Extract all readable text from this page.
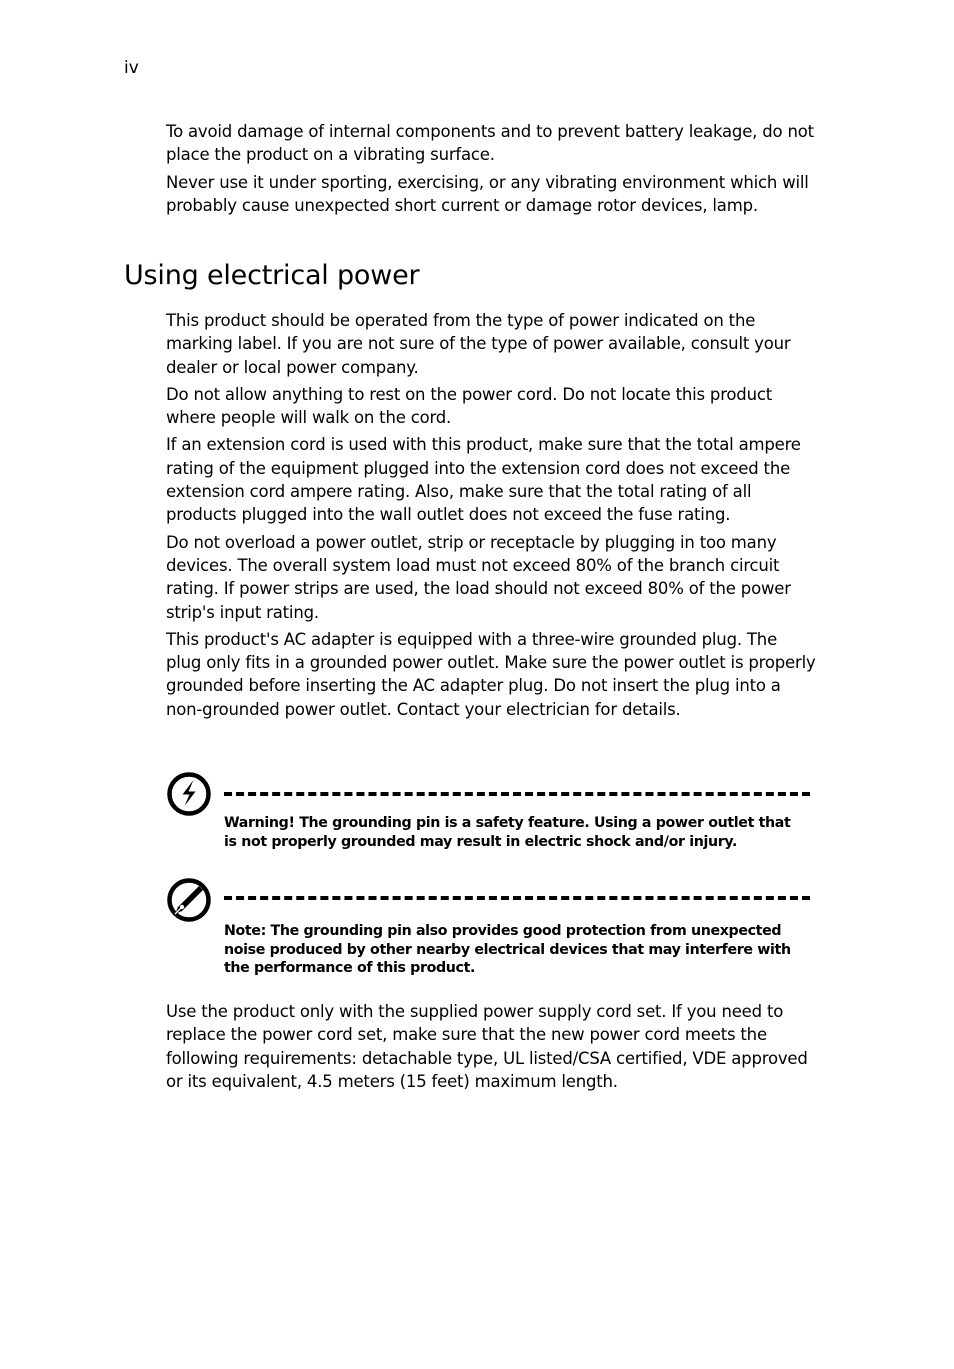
iv

To avoid damage of internal components and to prevent battery leakage, do not place the product on a vibrating surface.

Never use it under sporting, exercising, or any vibrating environment which will probably cause unexpected short current or damage rotor devices, lamp.

Using electrical power

This product should be operated from the type of power indicated on the marking label. If you are not sure of the type of power available, consult your dealer or local power company.

Do not allow anything to rest on the power cord. Do not locate this product where people will walk on the cord.

If an extension cord is used with this product, make sure that the total ampere rating of the equipment plugged into the extension cord does not exceed the extension cord ampere rating. Also, make sure that the total rating of all products plugged into the wall outlet does not exceed the fuse rating.

Do not overload a power outlet, strip or receptacle by plugging in too many devices. The overall system load must not exceed 80% of the branch circuit rating. If power strips are used, the load should not exceed 80% of the power strip's input rating.

This product's AC adapter is equipped with a three-wire grounded plug. The plug only fits in a grounded power outlet. Make sure the power outlet is properly grounded before inserting the AC adapter plug. Do not insert the plug into a non-grounded power outlet. Contact your electrician for details.

Warning! The grounding pin is a safety feature. Using a power outlet that is not properly grounded may result in electric shock and/or injury.
Note: The grounding pin also provides good protection from unexpected noise produced by other nearby electrical devices that may interfere with the performance of this product.

Use the product only with the supplied power supply cord set. If you need to replace the power cord set, make sure that the new power cord meets the following requirements: detachable type, UL listed/CSA certified, VDE approved or its equivalent, 4.5 meters (15 feet) maximum length.
